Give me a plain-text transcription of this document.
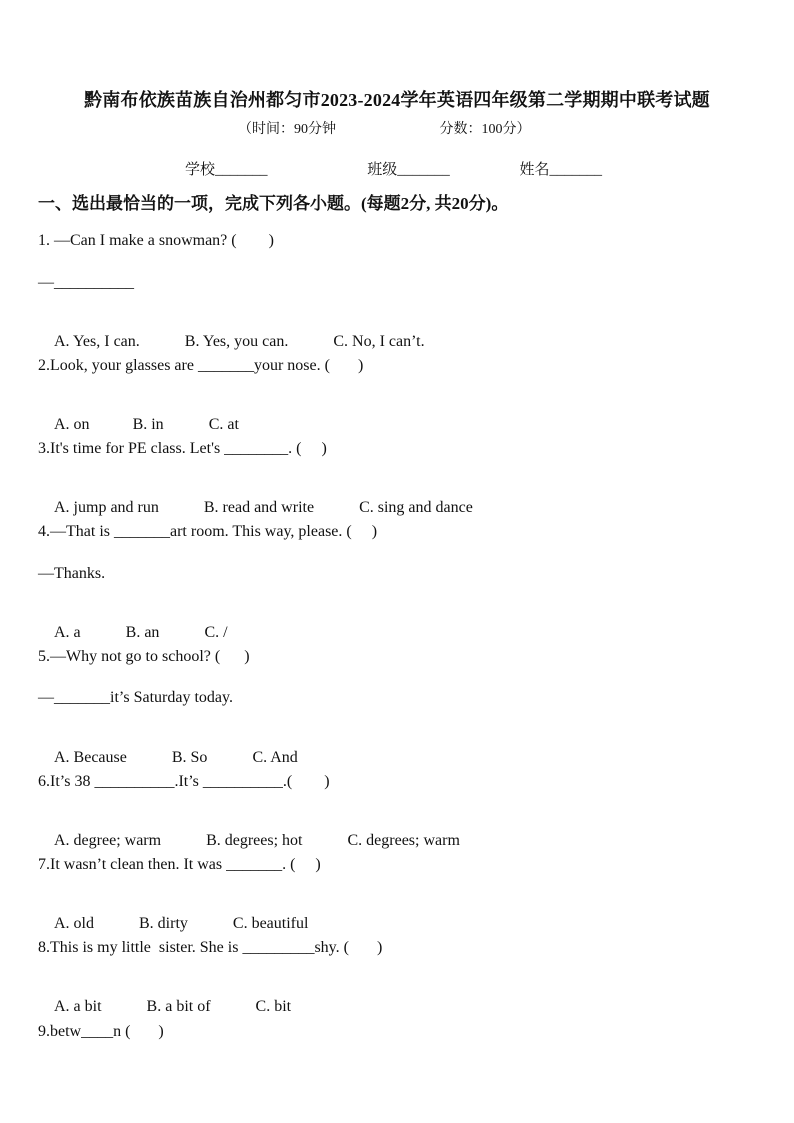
黔南布依族苗族自治州都匀市2023-2024学年英语四年级第二学期期中联考试题
（时间：90分钟	分数：100分）
学校_______	班级_______	姓名_______
一、选出最恰当的一项，完成下列各小题。(每题2分, 共20分)。
1. —Can I make a snowman? (        )
—__________

A. Yes, I can.	B. Yes, you can.	C. No, I can’t.

2.Look, your glasses are _______your nose. (       )

A. on	B. in	C. at

3.It's time for PE class. Let's ________. (     )

A. jump and run	B. read and write	C. sing and dance

4.—That is _______art room. This way, please. (     )
—Thanks.

A. a	B. an	C. /

5.—Why not go to school? (      )
—_______it’s Saturday today.

A. Because	B. So	C. And

6.It’s 38 __________.It’s __________.(        )

A. degree; warm	B. degrees; hot	C. degrees; warm

7.It wasn’t clean then. It was _______. (     )

A. old	B. dirty	C. beautiful

8.This is my little  sister. She is _________shy. (       )

A. a bit	B. a bit of	C. bit

9.betw____n (       )
